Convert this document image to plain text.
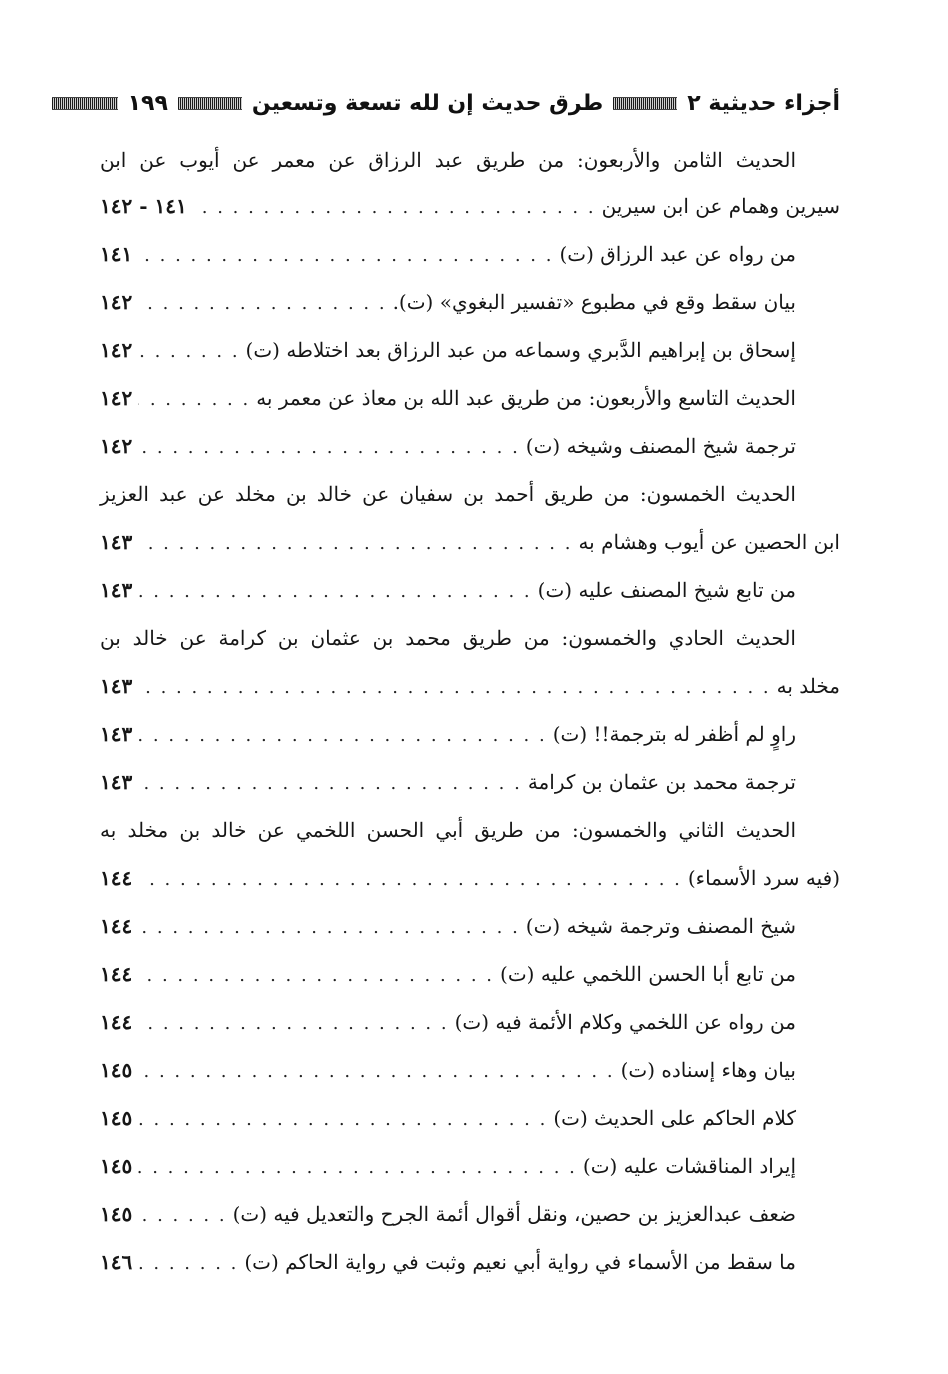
أجزاء حديثية ٢
طرق حديث إن لله تسعة وتسعين
١٩٩
الحديث الثامن والأربعون: من طريق عبد الرزاق عن معمر عن أيوب عن ابن
سيرين وهمام عن ابن سيرين
. . .
١٤١ - ١٤٢
من رواه عن عبد الرزاق (ت)
. . .
١٤١
بيان سقط وقع في مطبوع «تفسير البغوي» (ت).
. . .
١٤٢
إسحاق بن إبراهيم الدَّبري وسماعه من عبد الرزاق بعد اختلاطه (ت)
. . .
١٤٢
الحديث التاسع والأربعون: من طريق عبد الله بن معاذ عن معمر به
. . .
١٤٢
ترجمة شيخ المصنف وشيخه (ت)
. . .
١٤٢
الحديث الخمسون: من طريق أحمد بن سفيان عن خالد بن مخلد عن عبد العزيز
ابن الحصين عن أيوب وهشام به
. . .
١٤٣
من تابع شيخ المصنف عليه (ت)
. . .
١٤٣
الحديث الحادي والخمسون: من طريق محمد بن عثمان بن كرامة عن خالد بن
مخلد به
. . .
١٤٣
راوٍ لم أظفر له بترجمة!! (ت)
. . .
١٤٣
ترجمة محمد بن عثمان بن كرامة
. . .
١٤٣
الحديث الثاني والخمسون: من طريق أبي الحسن اللخمي عن خالد بن مخلد به
(فيه سرد الأسماء)
. . .
١٤٤
شيخ المصنف وترجمة شيخه (ت)
. . .
١٤٤
من تابع أبا الحسن اللخمي عليه (ت)
. . .
١٤٤
من رواه عن اللخمي وكلام الأئمة فيه (ت)
. . .
١٤٤
بيان وهاء إسناده (ت)
. . .
١٤٥
كلام الحاكم على الحديث (ت)
. . .
١٤٥
إيراد المناقشات عليه (ت)
. . .
١٤٥
ضعف عبدالعزيز بن حصين، ونقل أقوال أئمة الجرح والتعديل فيه (ت)
. . .
١٤٥
ما سقط من الأسماء في رواية أبي نعيم وثبت في رواية الحاكم (ت)
. . .
١٤٦
